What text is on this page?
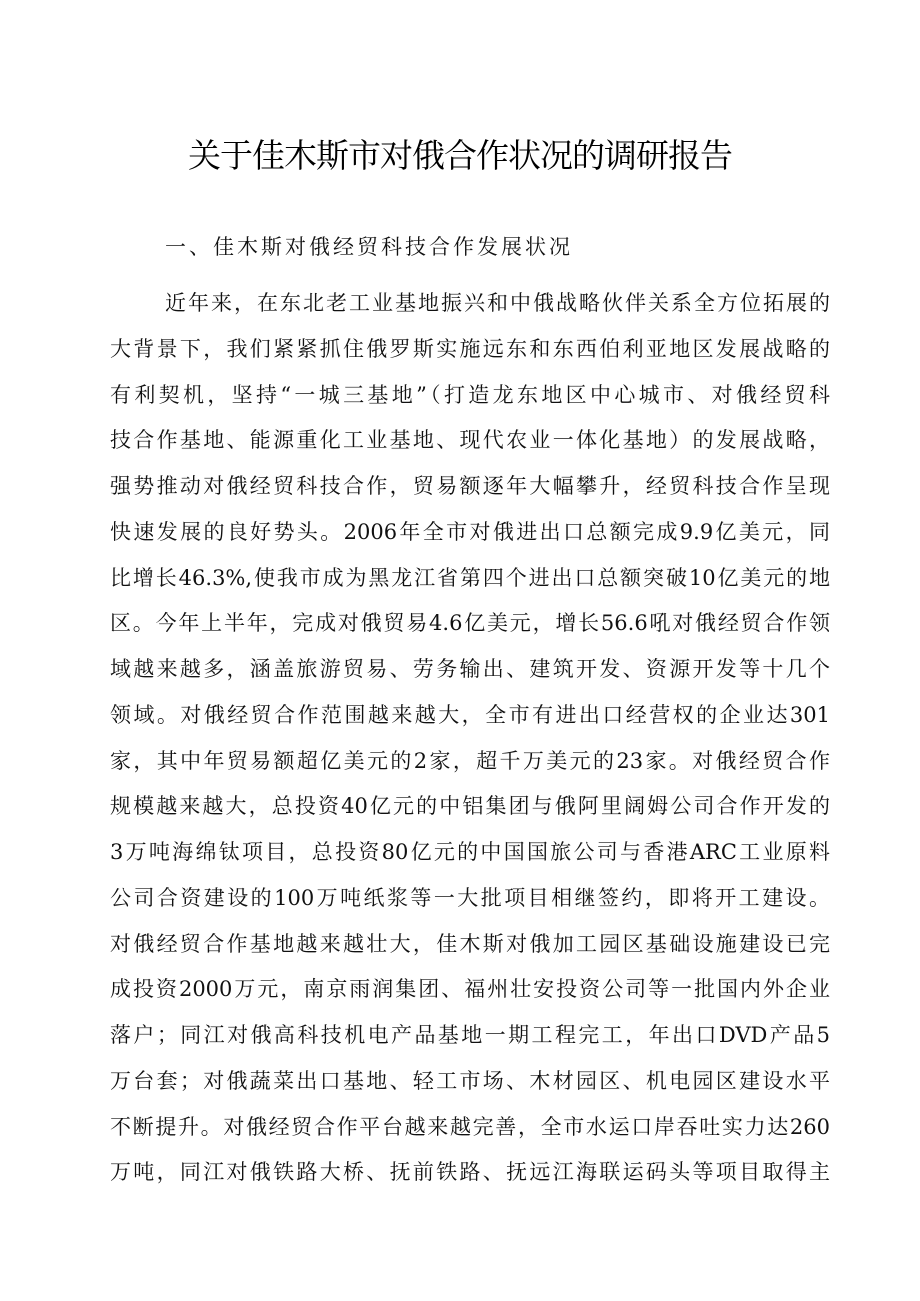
关于佳木斯市对俄合作状况的调研报告
一、佳木斯对俄经贸科技合作发展状况
近年来，在东北老工业基地振兴和中俄战略伙伴关系全方位拓展的
大背景下，我们紧紧抓住俄罗斯实施远东和东西伯利亚地区发展战略的
有利契机，坚持“一城三基地”（打造龙东地区中心城市、对俄经贸科
技合作基地、能源重化工业基地、现代农业一体化基地）的发展战略，
强势推动对俄经贸科技合作，贸易额逐年大幅攀升，经贸科技合作呈现
快速发展的良好势头。2006年全市对俄进出口总额完成9.9亿美元，同
比增长46.3%,使我市成为黑龙江省第四个进出口总额突破10亿美元的地
区。今年上半年，完成对俄贸易4.6亿美元，增长56.6吼对俄经贸合作领
域越来越多，涵盖旅游贸易、劳务输出、建筑开发、资源开发等十几个
领域。对俄经贸合作范围越来越大，全市有进出口经营权的企业达301
家，其中年贸易额超亿美元的2家，超千万美元的23家。对俄经贸合作
规模越来越大，总投资40亿元的中铝集团与俄阿里阔姆公司合作开发的
3万吨海绵钛项目，总投资80亿元的中国国旅公司与香港ARC工业原料
公司合资建设的100万吨纸浆等一大批项目相继签约，即将开工建设。
对俄经贸合作基地越来越壮大，佳木斯对俄加工园区基础设施建设已完
成投资2000万元，南京雨润集团、福州壮安投资公司等一批国内外企业
落户；同江对俄高科技机电产品基地一期工程完工，年出口DVD产品5
万台套；对俄蔬菜出口基地、轻工市场、木材园区、机电园区建设水平
不断提升。对俄经贸合作平台越来越完善，全市水运口岸吞吐实力达260
万吨，同江对俄铁路大桥、抚前铁路、抚远江海联运码头等项目取得主
